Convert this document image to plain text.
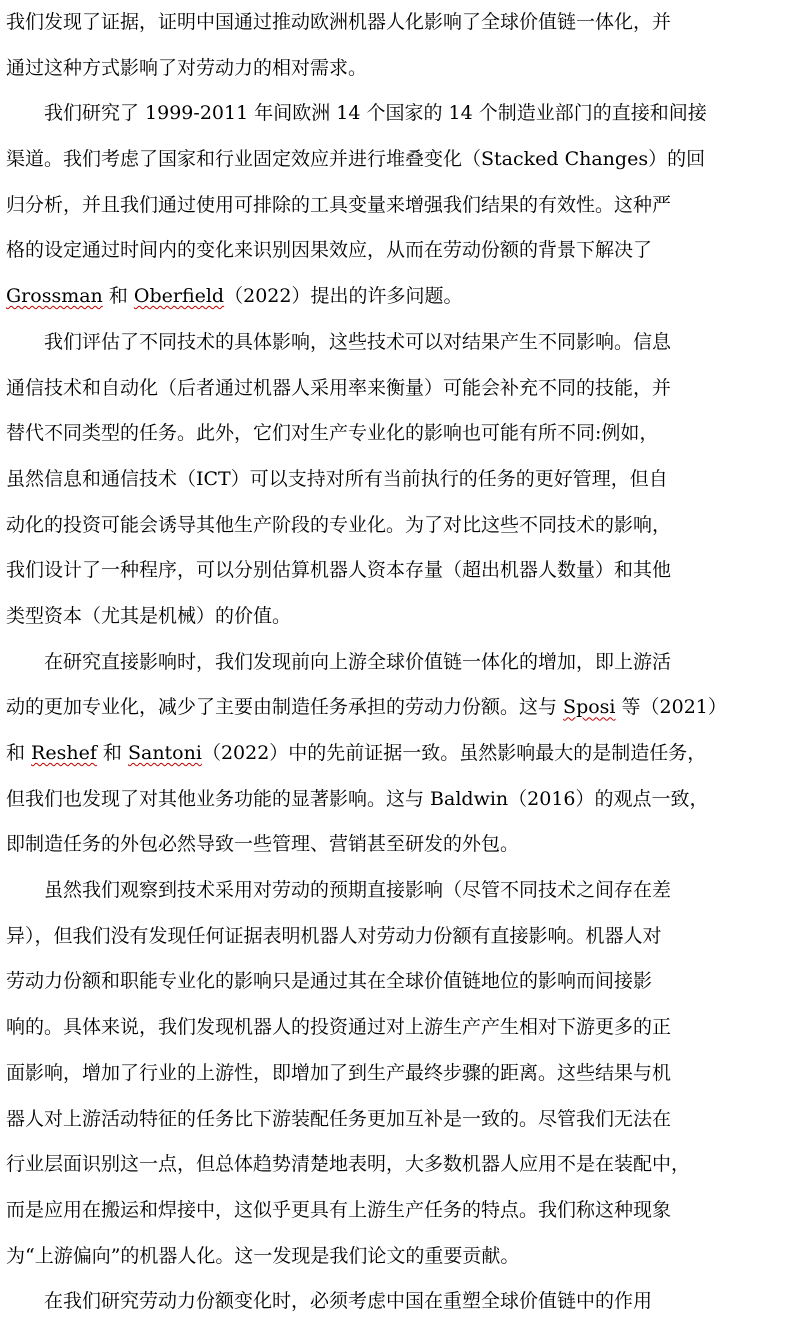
我们发现了证据，证明中国通过推动欧洲机器人化影响了全球价值链一体化，并
通过这种方式影响了对劳动力的相对需求。
我们研究了 1999-2011 年间欧洲 14 个国家的 14 个制造业部门的直接和间接
渠道。我们考虑了国家和行业固定效应并进行堆叠变化（Stacked Changes）的回
归分析，并且我们通过使用可排除的工具变量来增强我们结果的有效性。这种严
格的设定通过时间内的变化来识别因果效应，从而在劳动份额的背景下解决了
Grossman 和 Oberfield（2022）提出的许多问题。
我们评估了不同技术的具体影响，这些技术可以对结果产生不同影响。信息
通信技术和自动化（后者通过机器人采用率来衡量）可能会补充不同的技能，并
替代不同类型的任务。此外，它们对生产专业化的影响也可能有所不同:例如，
虽然信息和通信技术（ICT）可以支持对所有当前执行的任务的更好管理，但自
动化的投资可能会诱导其他生产阶段的专业化。为了对比这些不同技术的影响，
我们设计了一种程序，可以分别估算机器人资本存量（超出机器人数量）和其他
类型资本（尤其是机械）的价值。
在研究直接影响时，我们发现前向上游全球价值链一体化的增加，即上游活
动的更加专业化，减少了主要由制造任务承担的劳动力份额。这与 Sposi 等（2021）
和 Reshef 和 Santoni（2022）中的先前证据一致。虽然影响最大的是制造任务，
但我们也发现了对其他业务功能的显著影响。这与 Baldwin（2016）的观点一致，
即制造任务的外包必然导致一些管理、营销甚至研发的外包。
虽然我们观察到技术采用对劳动的预期直接影响（尽管不同技术之间存在差
异），但我们没有发现任何证据表明机器人对劳动力份额有直接影响。机器人对
劳动力份额和职能专业化的影响只是通过其在全球价值链地位的影响而间接影
响的。具体来说，我们发现机器人的投资通过对上游生产产生相对下游更多的正
面影响，增加了行业的上游性，即增加了到生产最终步骤的距离。这些结果与机
器人对上游活动特征的任务比下游装配任务更加互补是一致的。尽管我们无法在
行业层面识别这一点，但总体趋势清楚地表明，大多数机器人应用不是在装配中，
而是应用在搬运和焊接中，这似乎更具有上游生产任务的特点。我们称这种现象
为“上游偏向”的机器人化。这一发现是我们论文的重要贡献。
在我们研究劳动力份额变化时，必须考虑中国在重塑全球价值链中的作用
